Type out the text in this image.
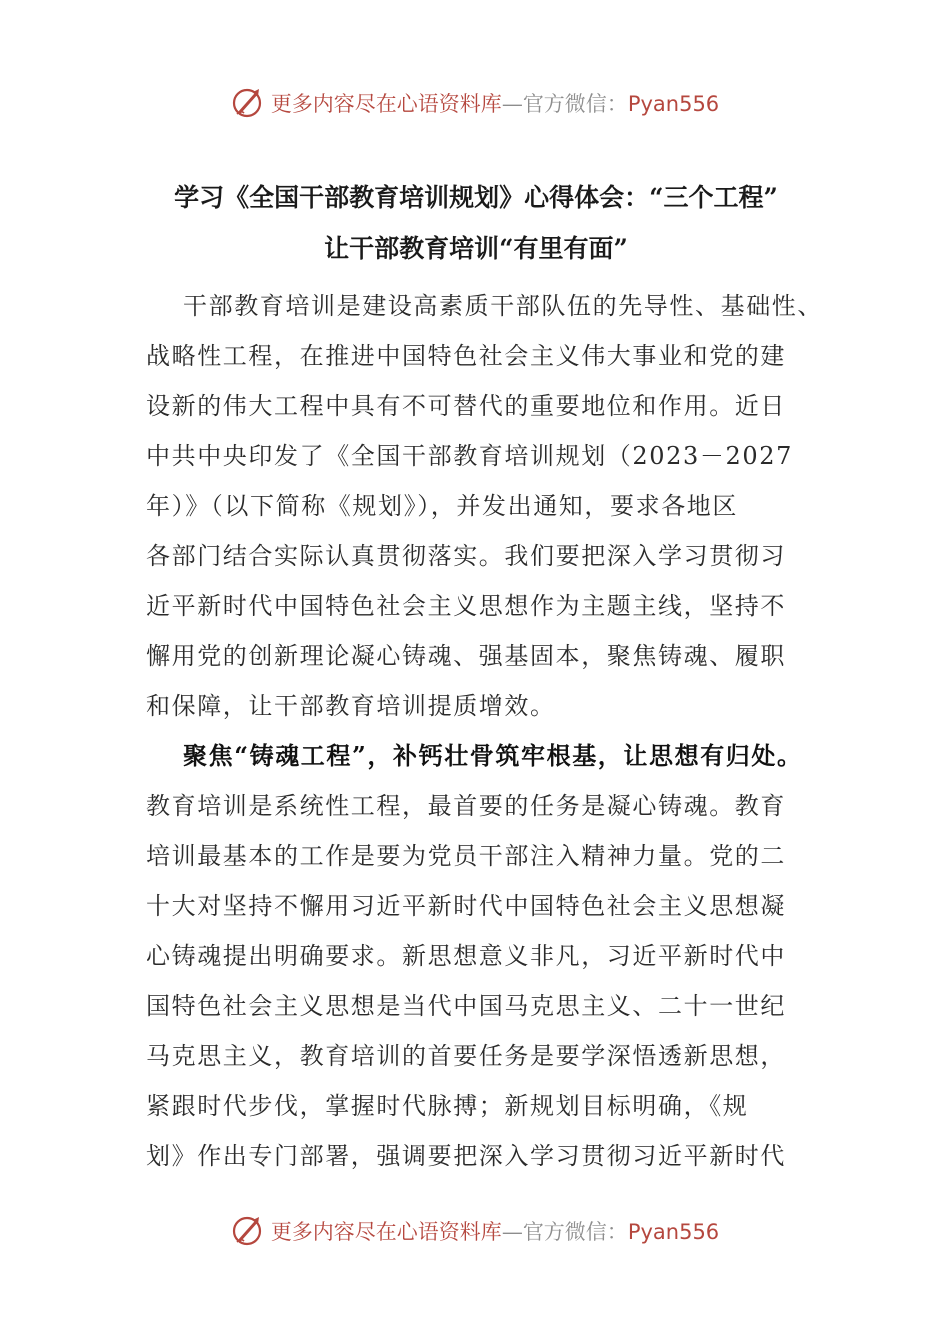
更多内容尽在心语资料库—官方微信：Pyan556
学习《全国干部教育培训规划》心得体会：“三个工程”
让干部教育培训“有里有面”
干部教育培训是建设高素质干部队伍的先导性、基础性、
战略性工程，在推进中国特色社会主义伟大事业和党的建
设新的伟大工程中具有不可替代的重要地位和作用。近日
中共中央印发了《全国干部教育培训规划（2023－2027
年）》（以下简称《规划》），并发出通知，要求各地区
各部门结合实际认真贯彻落实。我们要把深入学习贯彻习
近平新时代中国特色社会主义思想作为主题主线，坚持不
懈用党的创新理论凝心铸魂、强基固本，聚焦铸魂、履职
和保障，让干部教育培训提质增效。
聚焦“铸魂工程”，补钙壮骨筑牢根基，让思想有归处。
教育培训是系统性工程，最首要的任务是凝心铸魂。教育
培训最基本的工作是要为党员干部注入精神力量。党的二
十大对坚持不懈用习近平新时代中国特色社会主义思想凝
心铸魂提出明确要求。新思想意义非凡，习近平新时代中
国特色社会主义思想是当代中国马克思主义、二十一世纪
马克思主义，教育培训的首要任务是要学深悟透新思想，
紧跟时代步伐，掌握时代脉搏；新规划目标明确，《规
划》作出专门部署，强调要把深入学习贯彻习近平新时代
更多内容尽在心语资料库—官方微信：Pyan556
